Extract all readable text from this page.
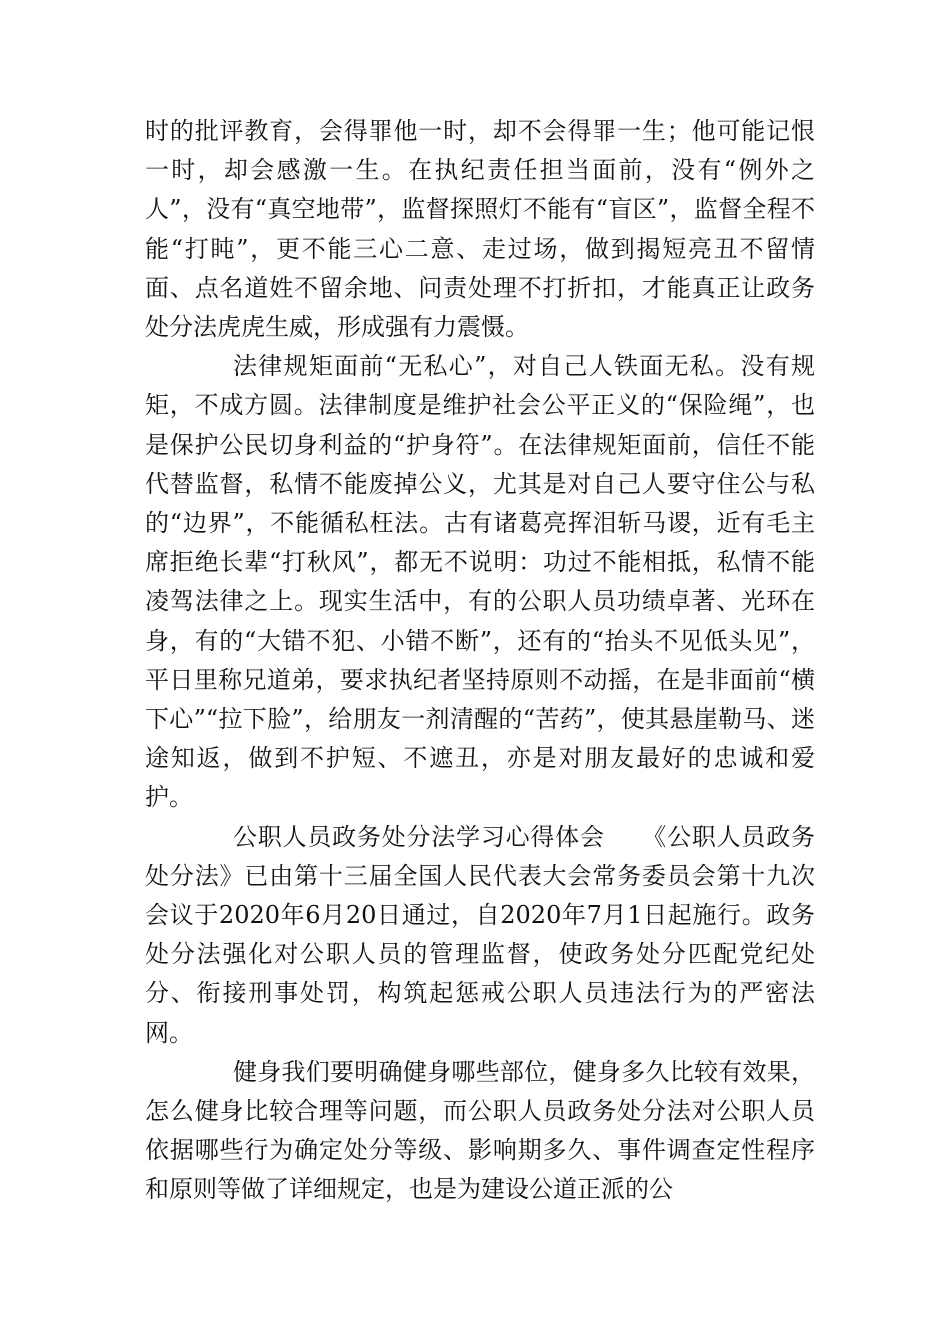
时的批评教育，会得罪他一时，却不会得罪一生；他可能记恨一时，却会感激一生。在执纪责任担当面前，没有“例外之人”，没有“真空地带”，监督探照灯不能有“盲区”，监督全程不能“打盹”，更不能三心二意、走过场，做到揭短亮丑不留情面、点名道姓不留余地、问责处理不打折扣，才能真正让政务处分法虎虎生威，形成强有力震慑。

法律规矩面前“无私心”，对自己人铁面无私。没有规矩，不成方圆。法律制度是维护社会公平正义的“保险绳”，也是保护公民切身利益的“护身符”。在法律规矩面前，信任不能代替监督，私情不能废掉公义，尤其是对自己人要守住公与私的“边界”，不能循私枉法。古有诸葛亮挥泪斩马谡，近有毛主席拒绝长辈“打秋风”，都无不说明：功过不能相抵，私情不能凌驾法律之上。现实生活中，有的公职人员功绩卓著、光环在身，有的“大错不犯、小错不断”，还有的“抬头不见低头见”，平日里称兄道弟，要求执纪者坚持原则不动摇，在是非面前“横下心”“拉下脸”，给朋友一剂清醒的“苦药”，使其悬崖勒马、迷途知返，做到不护短、不遮丑，亦是对朋友最好的忠诚和爱护。

公职人员政务处分法学习心得体会　　《公职人员政务处分法》已由第十三届全国人民代表大会常务委员会第十九次会议于2020年6月20日通过，自2020年7月1日起施行。政务处分法强化对公职人员的管理监督，使政务处分匹配党纪处分、衔接刑事处罚，构筑起惩戒公职人员违法行为的严密法网。

健身我们要明确健身哪些部位，健身多久比较有效果，怎么健身比较合理等问题，而公职人员政务处分法对公职人员依据哪些行为确定处分等级、影响期多久、事件调查定性程序和原则等做了详细规定，也是为建设公道正派的公
